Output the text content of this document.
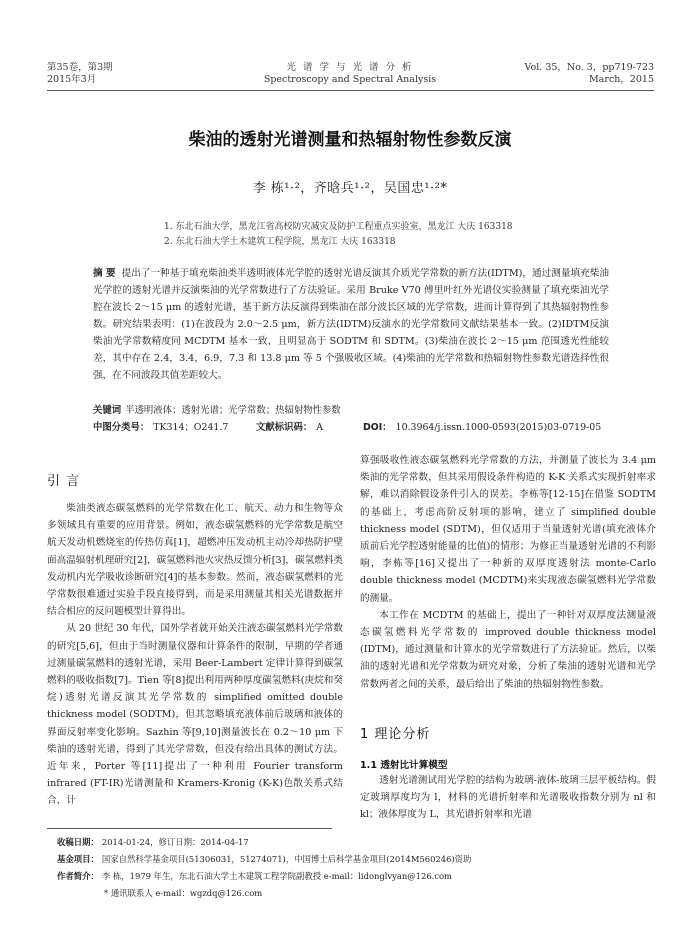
第35卷，第3期
2015年3月
光 谱 学 与 光 谱 分 析
Spectroscopy and Spectral Analysis
Vol. 35，No. 3，pp719-723
March，2015
柴油的透射光谱测量和热辐射物性参数反演
李 栋¹·²，齐晗兵¹·²，吴国忠¹·²*
1. 东北石油大学，黑龙江省高校防灾减灾及防护工程重点实验室，黑龙江 大庆 163318
2. 东北石油大学土木建筑工程学院，黑龙江 大庆 163318
摘 要 提出了一种基于填充柴油类半透明液体光学腔的透射光谱反演其介质光学常数的新方法(IDTM)，通过测量填充柴油光学腔的透射光谱并反演柴油的光学常数进行了方法验证。采用 Bruke V70 傅里叶红外光谱仪实验测量了填充柴油光学腔在波长 2～15 μm 的透射光谱，基于新方法反演得到柴油在部分波长区域的光学常数，进而计算得到了其热辐射物性参数。研究结果表明：(1)在波段为 2.0～2.5 μm，新方法(IDTM)反演水的光学常数同文献结果基本一致。(2)IDTM反演柴油光学常数精度同 MCDTM 基本一致，且明显高于 SODTM 和 SDTM。(3)柴油在波长 2～15 μm 范围透光性能较差，其中存在 2.4，3.4，6.9，7.3 和 13.8 μm 等 5 个强吸收区域。(4)柴油的光学常数和热辐射物性参数光谱选择性很强，在不同波段其值差距较大。
关键词 半透明液体；透射光谱；光学常数；热辐射物性参数
中图分类号： TK314；O241.7	文献标识码： A	DOI： 10.3964/j.issn.1000-0593(2015)03-0719-05
引 言

柴油类液态碳氢燃料的光学常数在化工、航天、动力和生物等众多领域具有重要的应用背景。例如，液态碳氢燃料的光学常数是航空航天发动机燃烧室的传热仿真[1]，超燃冲压发动机主动冷却热防护壁面高温辐射机理研究[2]，碳氢燃料池火灾热反馈分析[3]，碳氢燃料类发动机内光学吸收诊断研究[4]的基本参数。然而，液态碳氢燃料的光学常数很难通过实验手段直接得到，而是采用测量其相关光谱数据并结合相应的反问题模型计算得出。

从 20 世纪 30 年代，国外学者就开始关注液态碳氢燃料光学常数的研究[5,6]，但由于当时测量仪器和计算条件的限制，早期的学者通过测量碳氢燃料的透射光谱，采用 Beer-Lambert 定律计算得到碳氢燃料的吸收指数[7]。Tien 等[8]提出利用两种厚度碳氢燃料(庚烷和癸烷)透射光谱反演其光学常数的 simplified omitted double thickness model (SODTM)，但其忽略填充液体前后玻璃和液体的界面反射率变化影响。Sazhin 等[9,10]测量波长在 0.2～10 μm 下柴油的透射光谱，得到了其光学常数，但没有给出具体的测试方法。近年来，Porter 等[11]提出了一种利用 Fourier transform infrared (FT-IR)光谱测量和 Kramers-Kronig (K-K)色散关系式结合，计

算强吸收性液态碳氢燃料光学常数的方法，并测量了波长为 3.4 μm 柴油的光学常数，但其采用假设条件构造的 K-K 关系式实现折射率求解，难以消除假设条件引入的误差。李栋等[12-15]在借鉴 SODTM 的基础上，考虑高阶反射项的影响，建立了 simplified double thickness model (SDTM)，但仅适用于当量透射光谱(填充液体介质前后光学腔透射能量的比值)的情形；为修正当量透射光谱的不利影响，李栋等[16]又提出了一种新的双厚度透射法 monte-Carlo double thickness model (MCDTM)来实现液态碳氢燃料光学常数的测量。

本工作在 MCDTM 的基础上，提出了一种针对双厚度法测量液态碳氢燃料光学常数的 improved double thickness model (IDTM)，通过测量和计算水的光学常数进行了方法验证。然后，以柴油的透射光谱和光学常数为研究对象，分析了柴油的透射光谱和光学常数两者之间的关系，最后给出了柴油的热辐射物性参数。

1 理论分析
1.1 透射比计算模型

透射光谱测试用光学腔的结构为玻璃-液体-玻璃三层平板结构。假定玻璃厚度均为 l，材料的光谱折射率和光谱吸收指数分别为 nl 和 kl；液体厚度为 L，其光谱折射率和光谱

收稿日期： 2014-01-24，修订日期：2014-04-17
基金项目： 国家自然科学基金项目(51306031，51274071)，中国博士后科学基金项目(2014M560246)资助
作者简介： 李 栋，1979 年生，东北石油大学土木建筑工程学院副教授 e-mail：lidonglvyan@126.com
* 通讯联系人 e-mail：wgzdq@126.com
